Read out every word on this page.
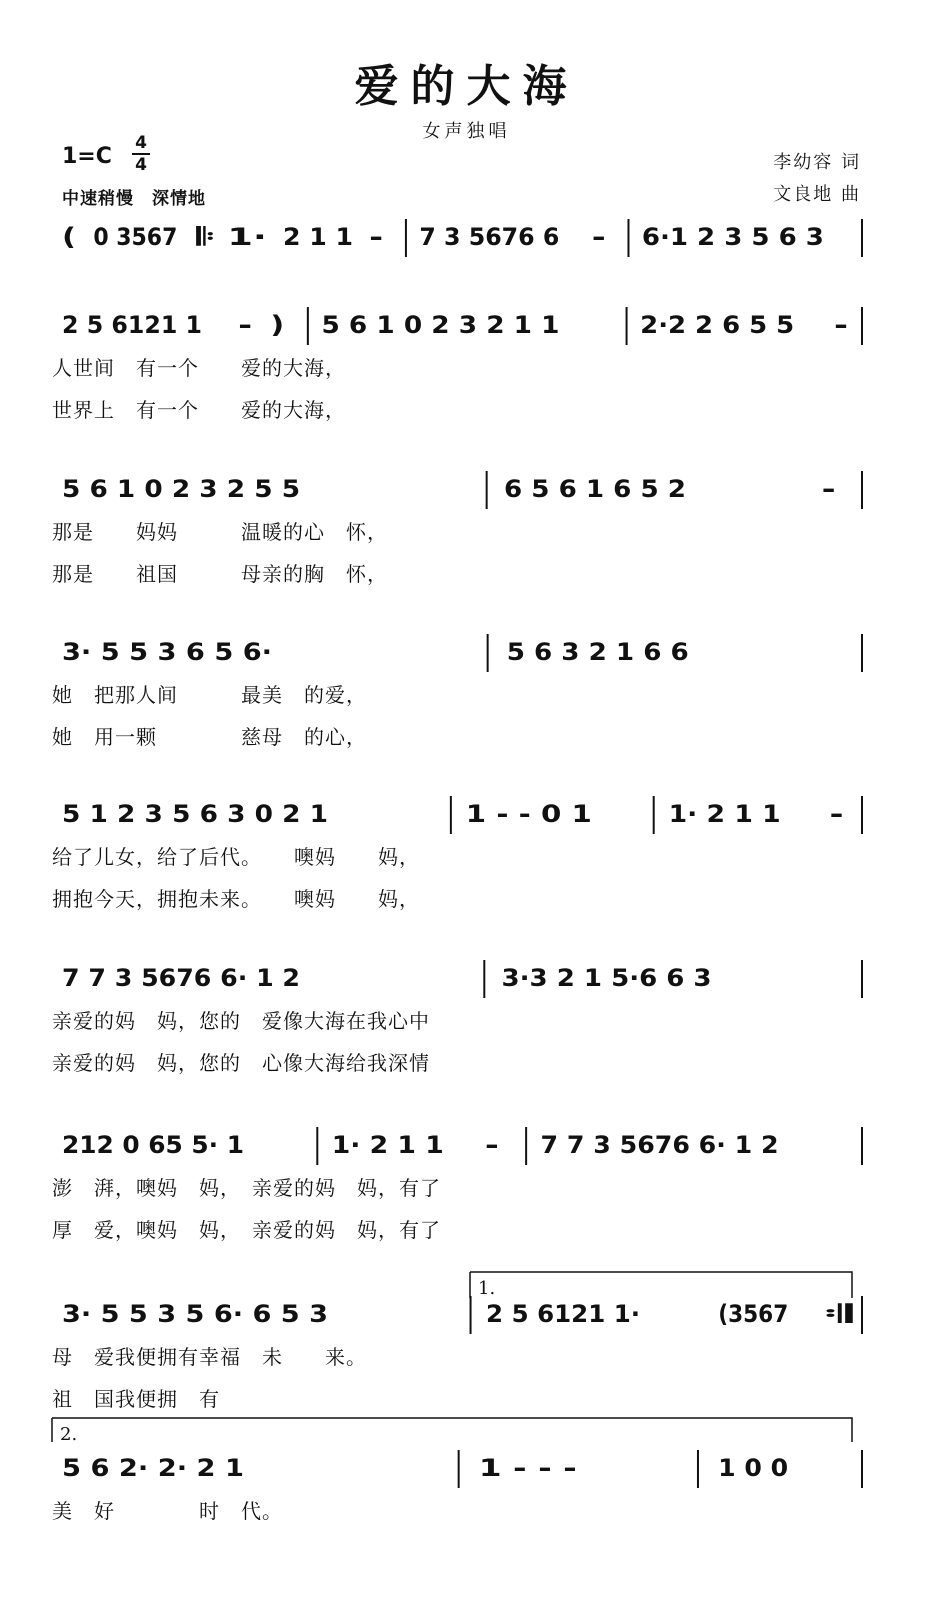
爱的大海
女声独唱
1=C
4
4
中速稍慢　深情地
李幼容 词
文良地 曲
( 0 3567 𝄆 1· 2 1 1 - 7 3 5676 6 - 6·1 2 3 5 6 3
2 5 6121 1 - ) 5 6 1 0 2 3 2 1 1	2·2 2 6 5 5 -
人世间　有一个　　爱的大海，
世界上　有一个　　爱的大海，
5 6 1 0 2 3 2 5 5	6 5 6 1 6 5 2	-
那是　　妈妈　　　温暖的心　怀，
那是　　祖国　　　母亲的胸　怀，
3· 5 5 3 6 5 6·	5 6 3 2 1 6 6
她　把那人间　　　最美　的爱，
她　用一颗　　　　慈母　的心，
5 1 2 3 5 6 3 0 2 1	1 - - 0 1	1· 2 1 1 -
给了儿女，给了后代。　　噢妈　　妈，
拥抱今天，拥抱未来。　　噢妈　　妈，
7 7 3 5676 6· 1 2	3·3 2 1 5·6 6 3
亲爱的妈　妈，您的　爱像大海在我心中
亲爱的妈　妈，您的　心像大海给我深情
212 0 65 5· 1	1· 2 1 1 - 7 7 3 5676 6· 1 2
澎　湃，噢妈　妈，　亲爱的妈　妈，有了
厚　爱，噢妈　妈，　亲爱的妈　妈，有了
3· 5 5 3 5 6· 6 5 3	2 5 6121 1·	(3567 𝄇
母　爱我便拥有幸福　未　　来。
祖　国我便拥　有
5 6 2· 2· 2 1	1 - - -	1 0 0
美　好　　　　时　代。
1.
2.
